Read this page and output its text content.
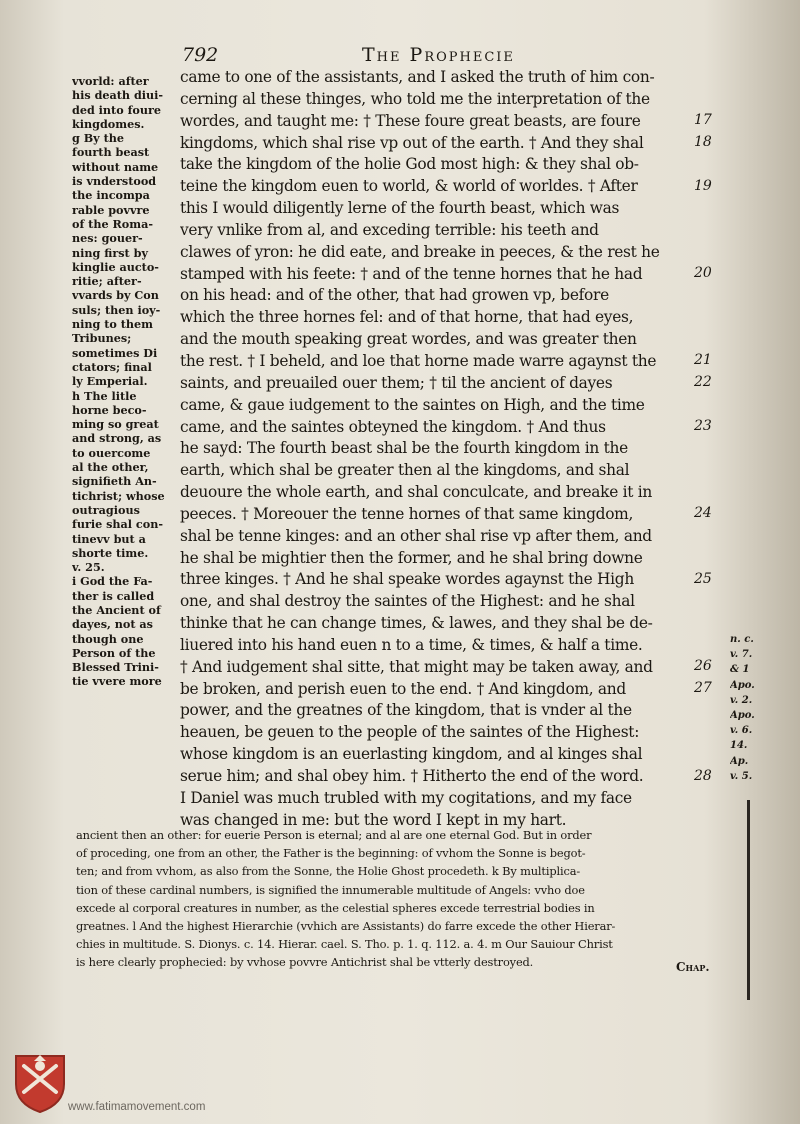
792	The Prophecie
vvorld: after
his death diui-
ded into foure
kingdomes.
g By the
fourth beast
without name
is vnderstood
the incompa
rable povvre
of the Roma-
nes: gouer-
ning first by
kinglie aucto-
ritie; after-
vvards by Con
suls; then ioy-
ning to them
Tribunes;
sometimes Di
ctators; final
ly Emperial.
h The litle
horne beco-
ming so great
and strong, as
to ouercome
al the other,
signifieth An-
tichrist; whose
outragious
furie shal con-
tinevv but a
shorte time.
v. 25.
i God the Fa-
ther is called
the Ancient of
dayes, not as
though one
Person of the
Blessed Trini-
tie vvere more
came to one of the assistants, and I asked the truth of him con-
cerning al these thinges, who told me the interpretation of the
wordes, and taught me: † These foure great beasts, are foure
kingdoms, which shal rise vp out of the earth. † And they shal
take the kingdom of the holie God most high: & they shal ob-
teine the kingdom euen to world, & world of worldes. † After
this I would diligently lerne of the fourth beast, which was
very vnlike from al, and exceding terrible: his teeth and
clawes of yron: he did eate, and breake in peeces, & the rest he
stamped with his feete: † and of the tenne hornes that he had
on his head: and of the other, that had growen vp, before
which the three hornes fel: and of that horne, that had eyes,
and the mouth speaking great wordes, and was greater then
the rest. † I beheld, and loe that horne made warre agaynst the
saints, and preuailed ouer them; † til the ancient of dayes
came, & gaue iudgement to the saintes on High, and the time
came, and the saintes obteyned the kingdom. † And thus
he sayd: The fourth beast shal be the fourth kingdom in the
earth, which shal be greater then al the kingdoms, and shal
deuoure the whole earth, and shal conculcate, and breake it in
peeces. † Moreouer the tenne hornes of that same kingdom,
shal be tenne kinges: and an other shal rise vp after them, and
he shal be mightier then the former, and he shal bring downe
three kinges. † And he shal speake wordes agaynst the High
one, and shal destroy the saintes of the Highest: and he shal
thinke that he can change times, & lawes, and they shal be de-
liuered into his hand euen n to a time, & times, & half a time.
† And iudgement shal sitte, that might may be taken away, and
be broken, and perish euen to the end. † And kingdom, and
power, and the greatnes of the kingdom, that is vnder al the
heauen, be geuen to the people of the saintes of the Highest:
whose kingdom is an euerlasting kingdom, and al kinges shal
serue him; and shal obey him. † Hitherto the end of the word.
I Daniel was much trubled with my cogitations, and my face
was changed in me: but the word I kept in my hart.
17
18
19
20
21
22
23
24
25
26
27
28
n. c.
v. 7.
& 1
Apo.
v. 2.
Apo.
v. 6.
14.
Ap.
v. 5.
ancient then an other: for euerie Person is eternal; and al are one eternal God. But in order
of proceding, one from an other, the Father is the beginning: of vvhom the Sonne is begot-
ten; and from vvhom, as also from the Sonne, the Holie Ghost procedeth. k By multiplica-
tion of these cardinal numbers, is signified the innumerable multitude of Angels: vvho doe
excede al corporal creatures in number, as the celestial spheres excede terrestrial bodies in
greatnes. l And the highest Hierarchie (vvhich are Assistants) do farre excede the other Hierar-
chies in multitude. S. Dionys. c. 14. Hierar. cael. S. Tho. p. 1. q. 112. a. 4. m Our Sauiour Christ
is here clearly prophecied: by vvhose povvre Antichrist shal be vtterly destroyed.	Chap.
www.fatimamovement.com
